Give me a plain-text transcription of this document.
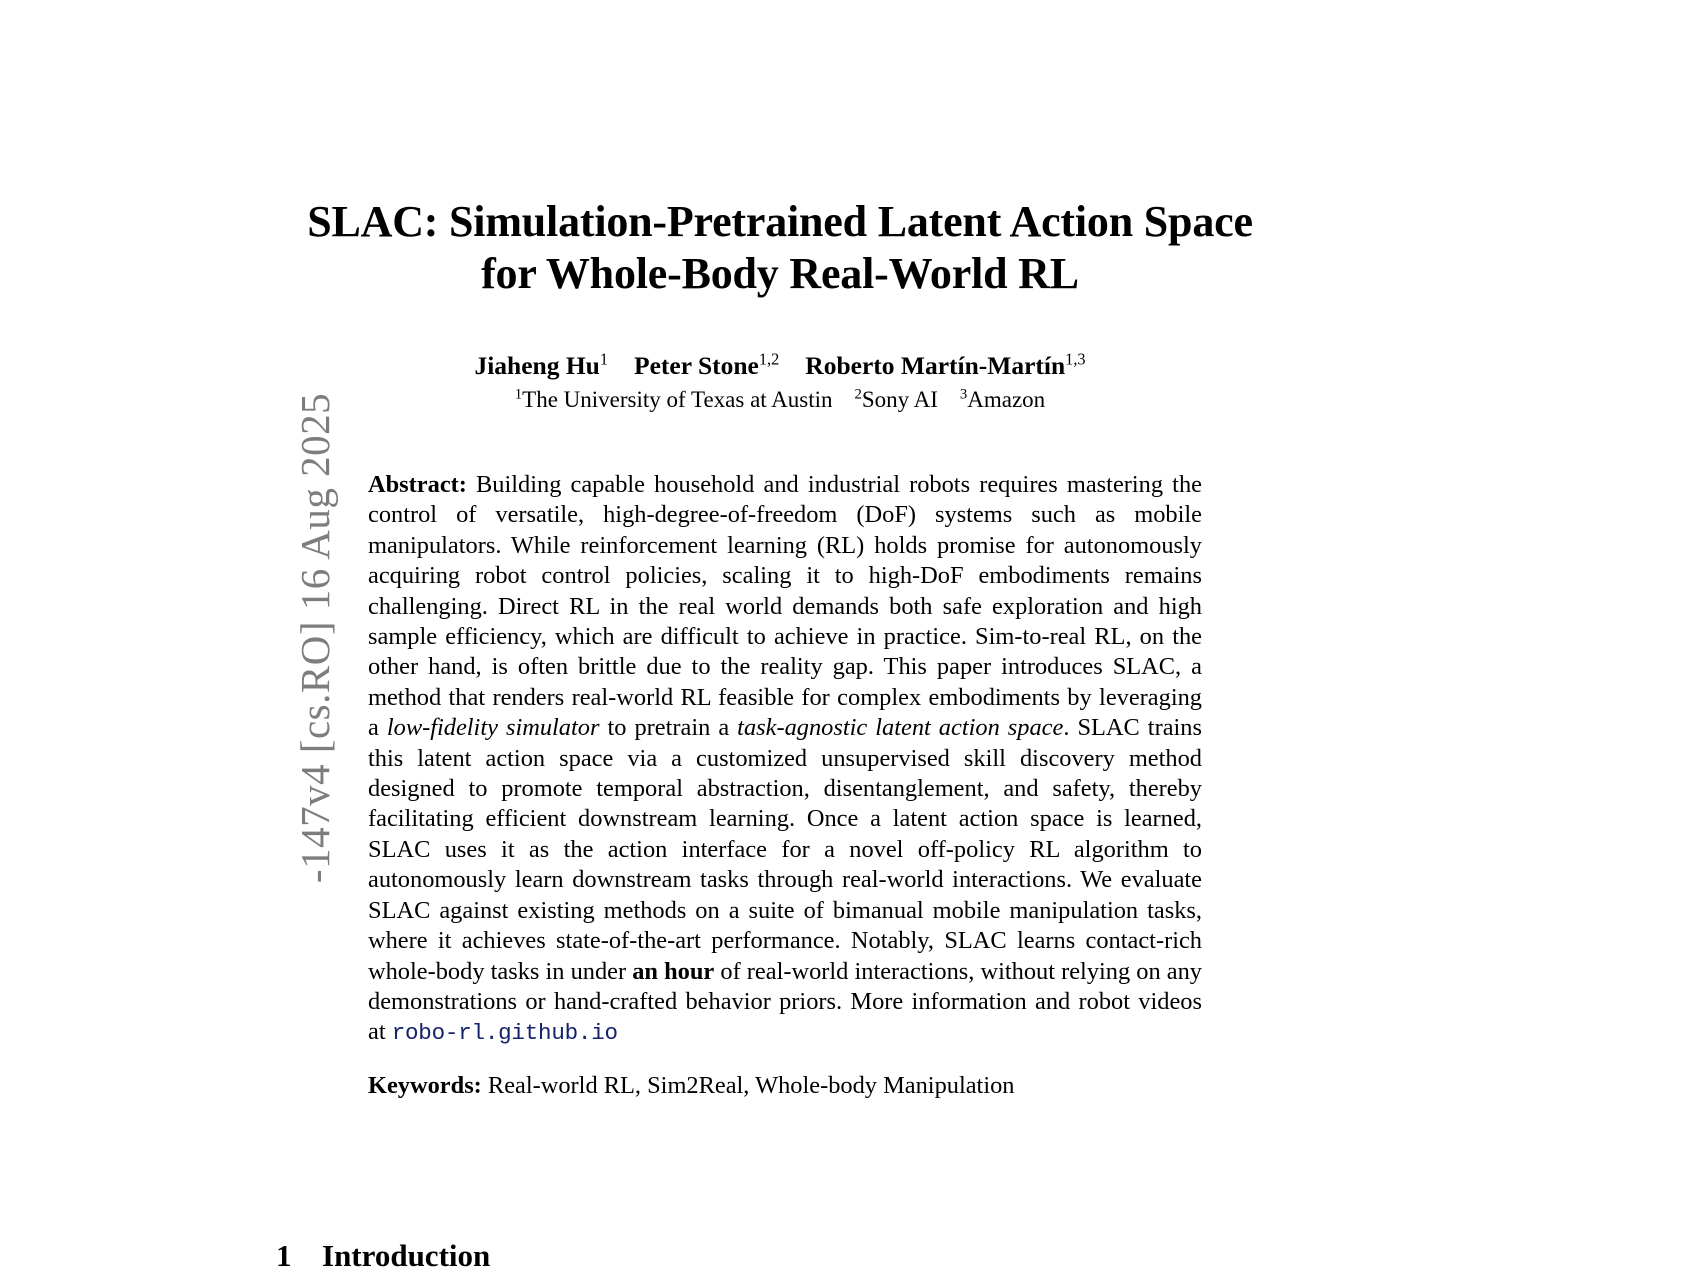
-147v4 [cs.RO] 16 Aug 2025
SLAC: Simulation-Pretrained Latent Action Space
for Whole-Body Real-World RL

Jiaheng Hu$^1$ Peter Stone$^{1,2}$ Roberto Martín-Martín$^{1,3}$

$^1$The University of Texas at Austin $^2$Sony AI $^3$Amazon

Abstract: Building capable household and industrial robots requires mastering the control of versatile, high-degree-of-freedom (DoF) systems such as mobile manipulators. While reinforcement learning (RL) holds promise for autonomously acquiring robot control policies, scaling it to high-DoF embodiments remains challenging. Direct RL in the real world demands both safe exploration and high sample efficiency, which are difficult to achieve in practice. Sim-to-real RL, on the other hand, is often brittle due to the reality gap. This paper introduces SLAC, a method that renders real-world RL feasible for complex embodiments by leveraging a low-fidelity simulator to pretrain a task-agnostic latent action space. SLAC trains this latent action space via a customized unsupervised skill discovery method designed to promote temporal abstraction, disentanglement, and safety, thereby facilitating efficient downstream learning. Once a latent action space is learned, SLAC uses it as the action interface for a novel off-policy RL algorithm to autonomously learn downstream tasks through real-world interactions. We evaluate SLAC against existing methods on a suite of bimanual mobile manipulation tasks, where it achieves state-of-the-art performance. Notably, SLAC learns contact-rich whole-body tasks in under an hour of real-world interactions, without relying on any demonstrations or hand-crafted behavior priors. More information and robot videos at robo-rl.github.io

Keywords: Real-world RL, Sim2Real, Whole-body Manipulation

1 Introduction
